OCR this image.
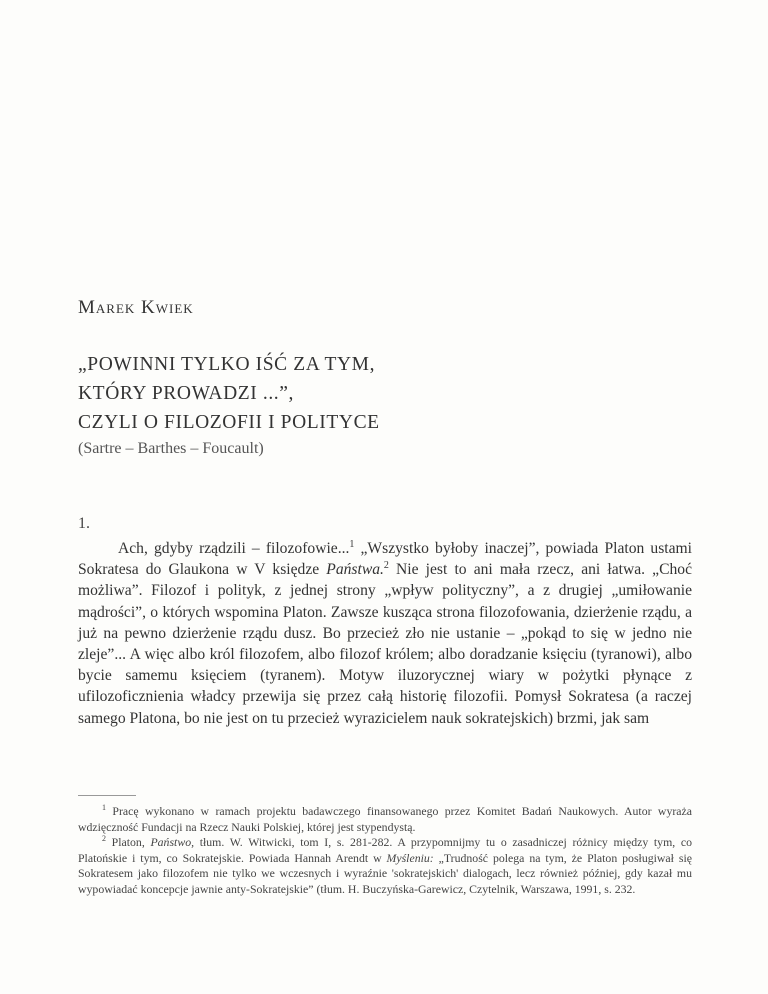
Marek Kwiek
„POWINNI TYLKO IŚĆ ZA TYM,
KTÓRY PROWADZI ...”,
CZYLI O FILOZOFII I POLITYCE
(Sartre – Barthes – Foucault)
1.

Ach, gdyby rządzili – filozofowie...$^1$ „Wszystko byłoby inaczej”, powiada Platon ustami Sokratesa do Glaukona w V księdze Państwa.$^2$ Nie jest to ani mała rzecz, ani łatwa. „Choć możliwa”. Filozof i polityk, z jednej strony „wpływ polityczny”, a z drugiej „umiłowanie mądrości”, o których wspomina Platon. Zawsze kusząca strona filozofowania, dzierżenie rządu, a już na pewno dzierżenie rządu dusz. Bo przecież zło nie ustanie – „pokąd to się w jedno nie zleje”... A więc albo król filozofem, albo filozof królem; albo doradzanie księciu (tyranowi), albo bycie samemu księciem (tyranem). Motyw iluzorycznej wiary w pożytki płynące z ufilozoficznienia władcy przewija się przez całą historię filozofii. Pomysł Sokratesa (a raczej samego Platona, bo nie jest on tu przecież wyrazicielem nauk sokratejskich) brzmi, jak sam

$^1$ Pracę wykonano w ramach projektu badawczego finansowanego przez Komitet Badań Naukowych. Autor wyraża wdzięczność Fundacji na Rzecz Nauki Polskiej, której jest stypendystą.

$^2$ Platon, Państwo, tłum. W. Witwicki, tom I, s. 281-282. A przypomnijmy tu o zasadniczej różnicy między tym, co Platońskie i tym, co Sokratejskie. Powiada Hannah Arendt w Myśleniu: „Trudność polega na tym, że Platon posługiwał się Sokratesem jako filozofem nie tylko we wczesnych i wyraźnie 'sokratejskich' dialogach, lecz również później, gdy kazał mu wypowiadać koncepcje jawnie anty-Sokratejskie” (tłum. H. Buczyńska-Garewicz, Czytelnik, Warszawa, 1991, s. 232.
